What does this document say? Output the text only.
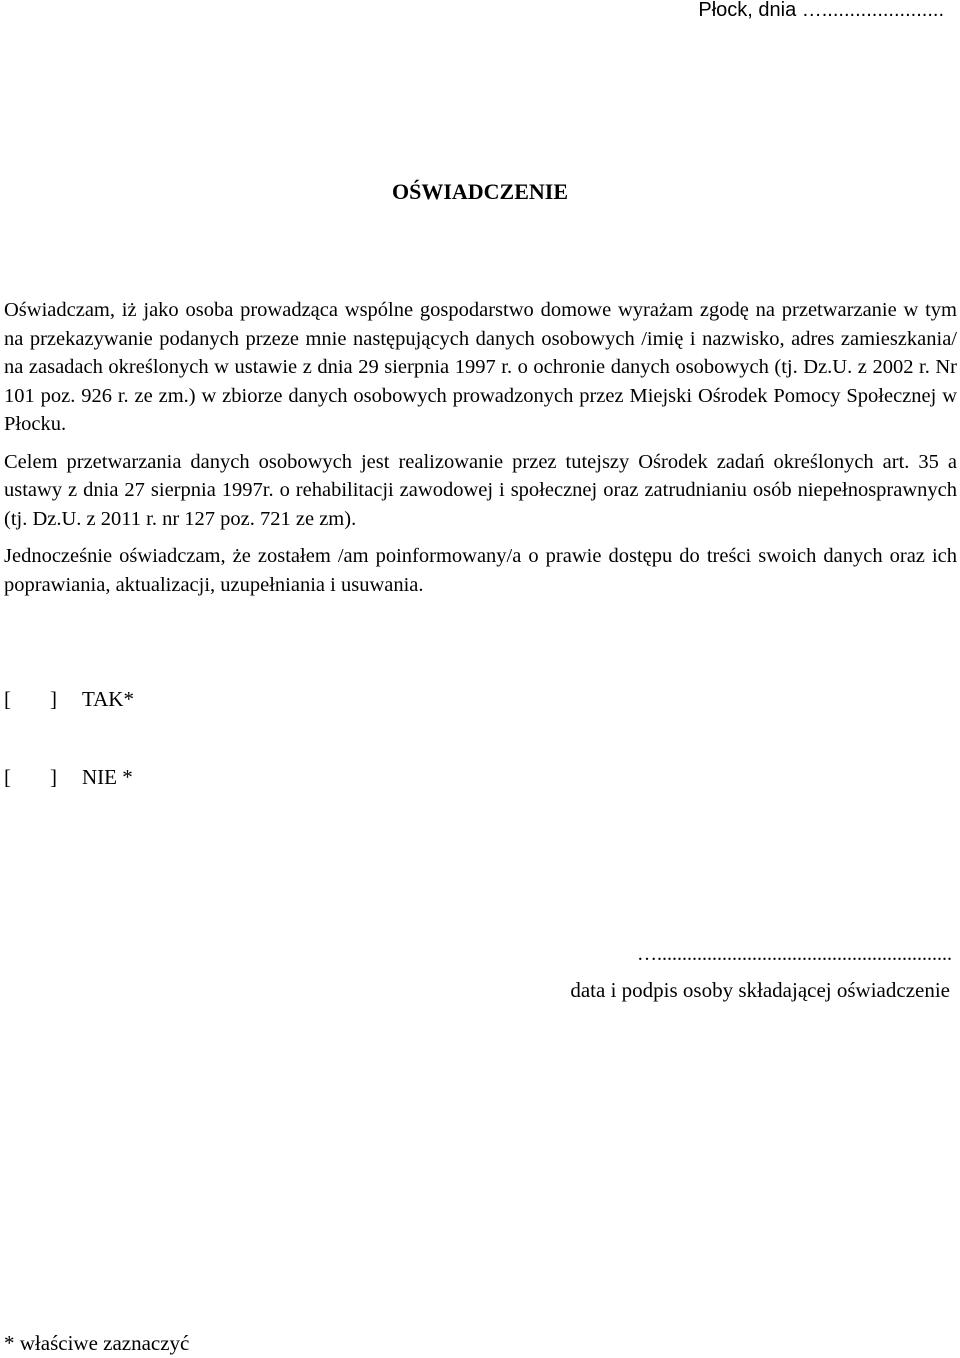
Płock, dnia …......................
OŚWIADCZENIE

Oświadczam, iż jako osoba prowadząca wspólne gospodarstwo domowe wyrażam zgodę na przetwarzanie w tym na przekazywanie podanych przeze mnie następujących danych osobowych /imię i nazwisko, adres zamieszkania/ na zasadach określonych w ustawie z dnia 29 sierpnia 1997 r. o ochronie danych osobowych (tj. Dz.U. z 2002 r. Nr 101 poz. 926 r. ze zm.) w zbiorze danych osobowych prowadzonych przez Miejski Ośrodek Pomocy Społecznej w Płocku.

Celem przetwarzania danych osobowych jest realizowanie przez tutejszy Ośrodek zadań określonych art. 35 a ustawy z dnia 27 sierpnia 1997r. o rehabilitacji zawodowej i społecznej oraz zatrudnianiu osób niepełnosprawnych (tj. Dz.U. z 2011 r. nr 127 poz. 721 ze zm).

Jednocześnie oświadczam, że zostałem /am poinformowany/a o prawie dostępu do treści swoich danych oraz ich poprawiania, aktualizacji, uzupełniania i usuwania.

[ ] TAK*
[ ] NIE *
…...........................................................
data i podpis osoby składającej oświadczenie
* właściwe zaznaczyć
